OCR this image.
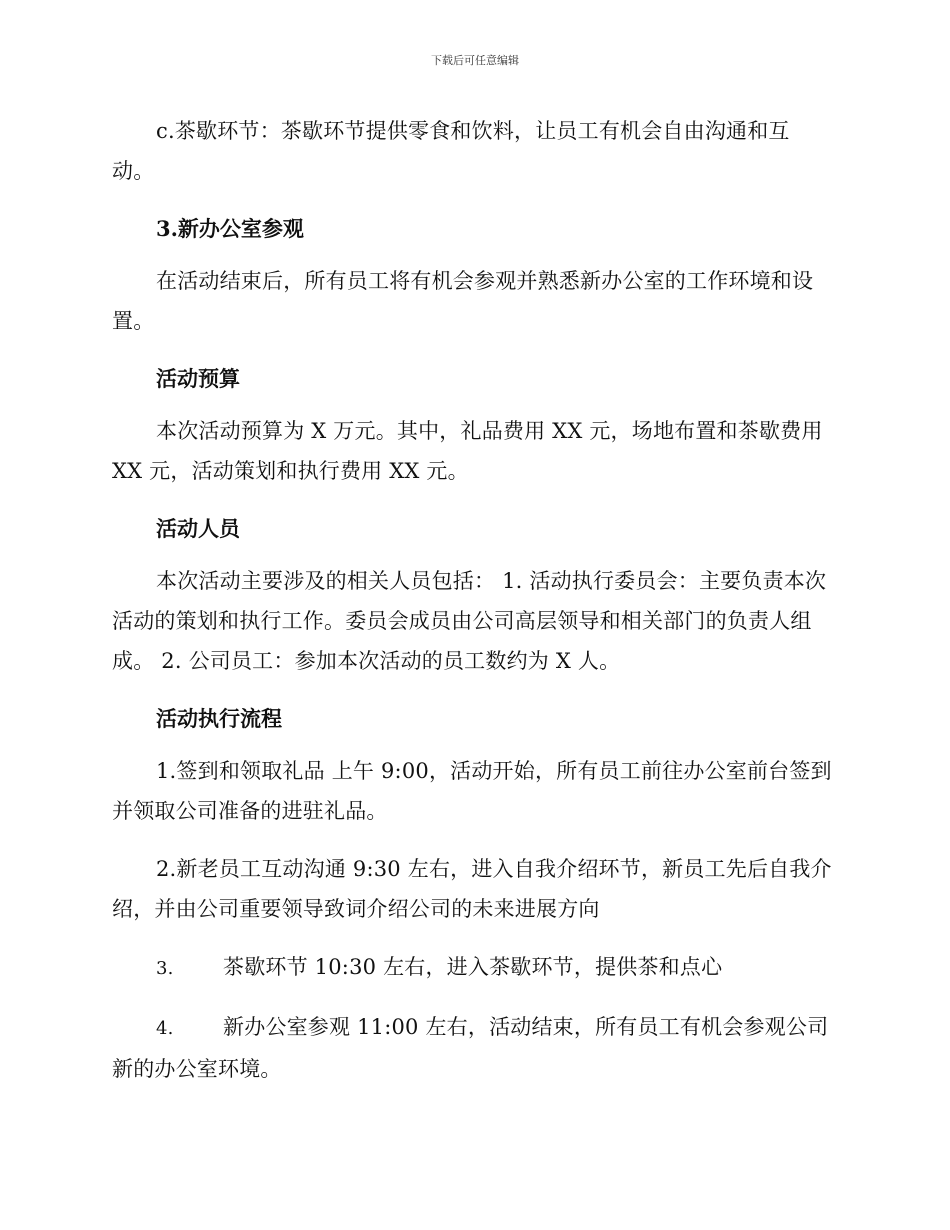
下载后可任意编辑

c.茶歇环节：茶歇环节提供零食和饮料，让员工有机会自由沟通和互动。

3.新办公室参观

在活动结束后，所有员工将有机会参观并熟悉新办公室的工作环境和设置。

活动预算

本次活动预算为 X 万元。其中，礼品费用 XX 元，场地布置和茶歇费用 XX 元，活动策划和执行费用 XX 元。

活动人员

本次活动主要涉及的相关人员包括： 1. 活动执行委员会：主要负责本次活动的策划和执行工作。委员会成员由公司高层领导和相关部门的负责人组成。 2. 公司员工：参加本次活动的员工数约为 X 人。

活动执行流程

1.签到和领取礼品 上午 9:00，活动开始，所有员工前往办公室前台签到并领取公司准备的进驻礼品。

2.新老员工互动沟通 9:30 左右，进入自我介绍环节，新员工先后自我介绍，并由公司重要领导致词介绍公司的未来进展方向

3. 茶歇环节 10:30 左右，进入茶歇环节，提供茶和点心

4. 新办公室参观 11:00 左右，活动结束，所有员工有机会参观公司新的办公室环境。
